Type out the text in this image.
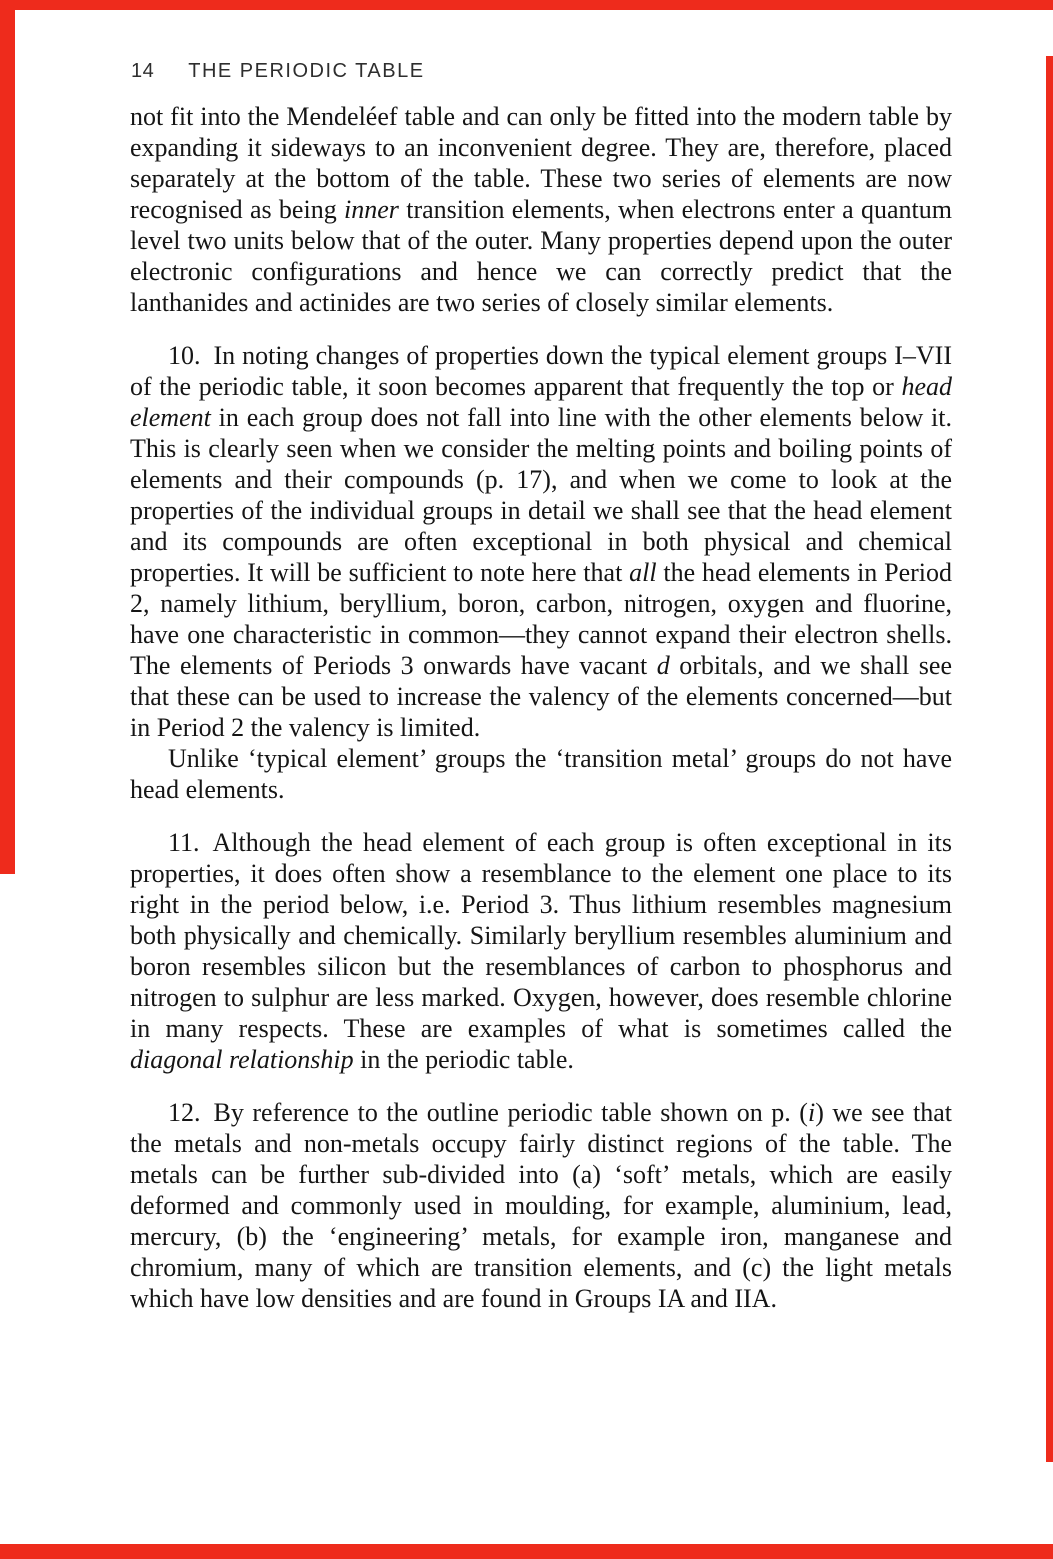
14 THE PERIODIC TABLE

not fit into the Mendeléef table and can only be fitted into the modern table by expanding it sideways to an inconvenient degree. They are, therefore, placed separately at the bottom of the table. These two series of elements are now recognised as being inner transition elements, when electrons enter a quantum level two units below that of the outer. Many properties depend upon the outer electronic configurations and hence we can correctly predict that the lanthanides and actinides are two series of closely similar elements.

10. In noting changes of properties down the typical element groups I–VII of the periodic table, it soon becomes apparent that frequently the top or head element in each group does not fall into line with the other elements below it. This is clearly seen when we consider the melting points and boiling points of elements and their compounds (p. 17), and when we come to look at the properties of the individual groups in detail we shall see that the head element and its compounds are often exceptional in both physical and chemical properties. It will be sufficient to note here that all the head elements in Period 2, namely lithium, beryllium, boron, carbon, nitrogen, oxygen and fluorine, have one characteristic in common—they cannot expand their electron shells. The elements of Periods 3 onwards have vacant d orbitals, and we shall see that these can be used to increase the valency of the elements concerned—but in Period 2 the valency is limited.

Unlike ‘typical element’ groups the ‘transition metal’ groups do not have head elements.

11. Although the head element of each group is often exceptional in its properties, it does often show a resemblance to the element one place to its right in the period below, i.e. Period 3. Thus lithium resembles magnesium both physically and chemically. Similarly beryllium resembles aluminium and boron resembles silicon but the resemblances of carbon to phosphorus and nitrogen to sulphur are less marked. Oxygen, however, does resemble chlorine in many respects. These are examples of what is sometimes called the diagonal relationship in the periodic table.

12. By reference to the outline periodic table shown on p. (i) we see that the metals and non-metals occupy fairly distinct regions of the table. The metals can be further sub-divided into (a) ‘soft’ metals, which are easily deformed and commonly used in moulding, for example, aluminium, lead, mercury, (b) the ‘engineering’ metals, for example iron, manganese and chromium, many of which are transition elements, and (c) the light metals which have low densities and are found in Groups IA and IIA.
